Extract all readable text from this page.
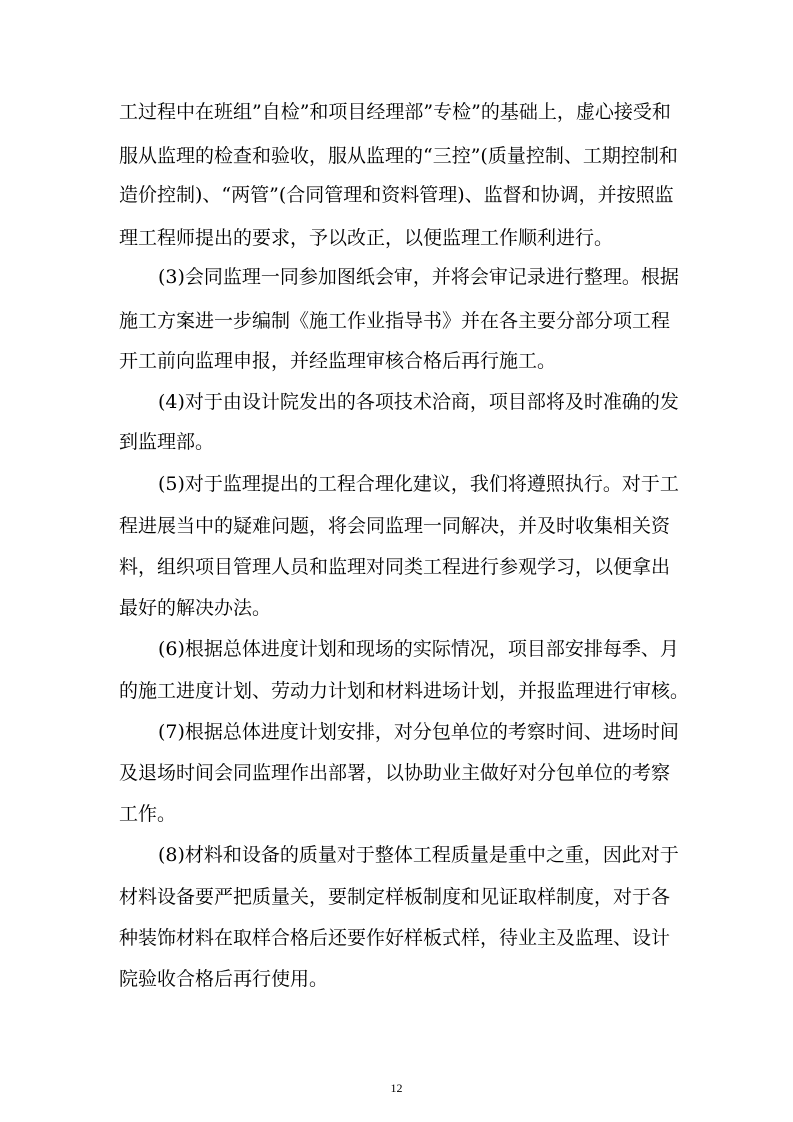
工过程中在班组”自检”和项目经理部”专检”的基础上，虚心接受和
服从监理的检查和验收，服从监理的“三控”(质量控制、工期控制和
造价控制)、“两管”(合同管理和资料管理)、监督和协调，并按照监
理工程师提出的要求，予以改正，以便监理工作顺利进行。
(3)会同监理一同参加图纸会审，并将会审记录进行整理。根据
施工方案进一步编制《施工作业指导书》并在各主要分部分项工程
开工前向监理申报，并经监理审核合格后再行施工。
(4)对于由设计院发出的各项技术洽商，项目部将及时准确的发
到监理部。
(5)对于监理提出的工程合理化建议，我们将遵照执行。对于工
程进展当中的疑难问题，将会同监理一同解决，并及时收集相关资
料，组织项目管理人员和监理对同类工程进行参观学习，以便拿出
最好的解决办法。
(6)根据总体进度计划和现场的实际情况，项目部安排每季、月
的施工进度计划、劳动力计划和材料进场计划，并报监理进行审核。
(7)根据总体进度计划安排，对分包单位的考察时间、进场时间
及退场时间会同监理作出部署，以协助业主做好对分包单位的考察
工作。
(8)材料和设备的质量对于整体工程质量是重中之重，因此对于
材料设备要严把质量关，要制定样板制度和见证取样制度，对于各
种装饰材料在取样合格后还要作好样板式样，待业主及监理、设计
院验收合格后再行使用。
12
